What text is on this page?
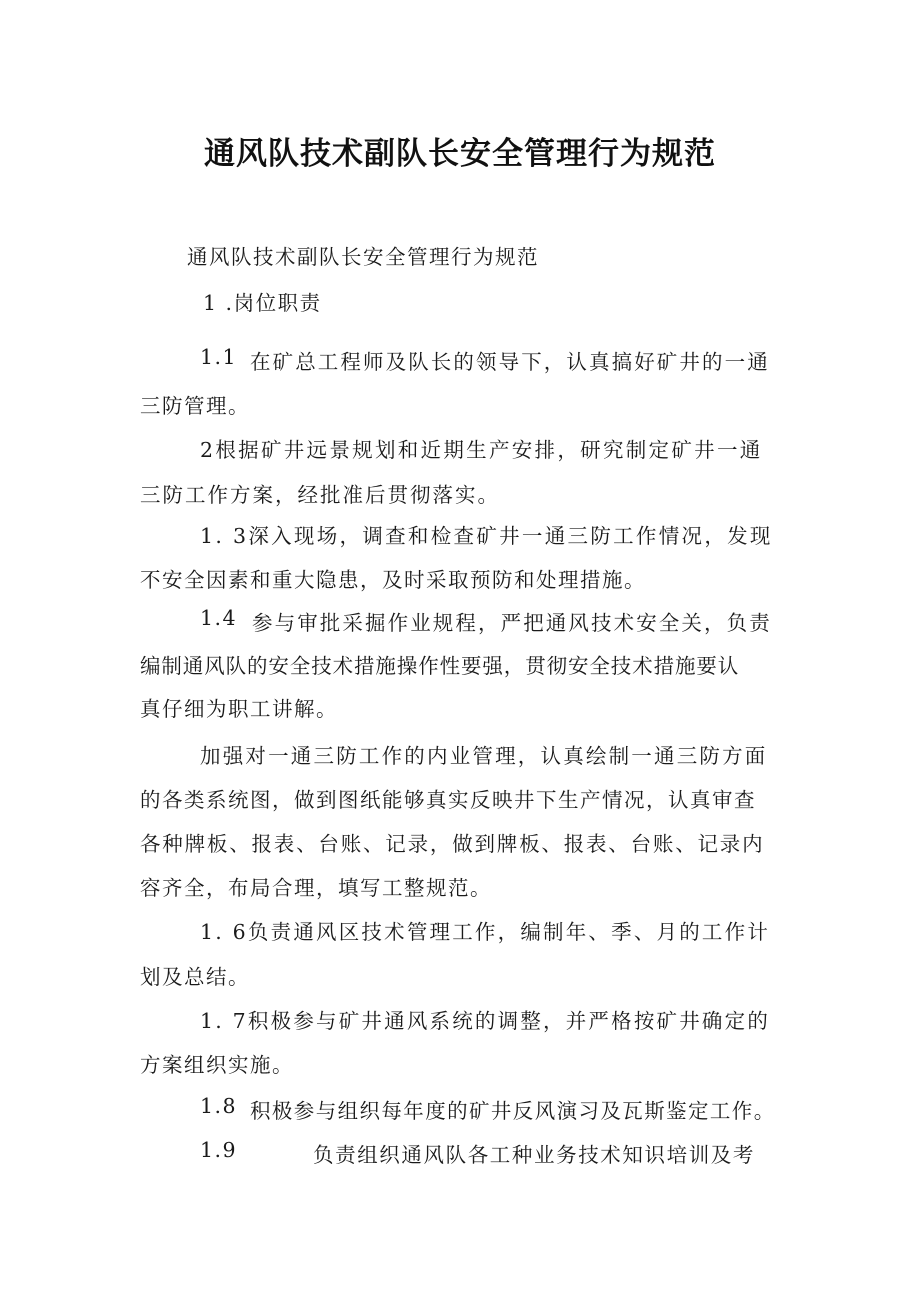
通风队技术副队长安全管理行为规范
通风队技术副队长安全管理行为规范
1 .岗位职责
1.1 在矿总工程师及队长的领导下，认真搞好矿井的一通
三防管理。
2根据矿井远景规划和近期生产安排，研究制定矿井一通
三防工作方案，经批准后贯彻落实。
1. 3深入现场，调查和检查矿井一通三防工作情况，发现
不安全因素和重大隐患，及时采取预防和处理措施。
1.4 参与审批采掘作业规程，严把通风技术安全关，负责
编制通风队的安全技术措施操作性要强，贯彻安全技术措施要认
真仔细为职工讲解。
加强对一通三防工作的内业管理，认真绘制一通三防方面
的各类系统图，做到图纸能够真实反映井下生产情况，认真审查
各种牌板、报表、台账、记录，做到牌板、报表、台账、记录内
容齐全，布局合理，填写工整规范。
1. 6负责通风区技术管理工作，编制年、季、月的工作计
划及总结。
1. 7积极参与矿井通风系统的调整，并严格按矿井确定的
方案组织实施。
1.8 积极参与组织每年度的矿井反风演习及瓦斯鉴定工作。
1.9	负责组织通风队各工种业务技术知识培训及考
